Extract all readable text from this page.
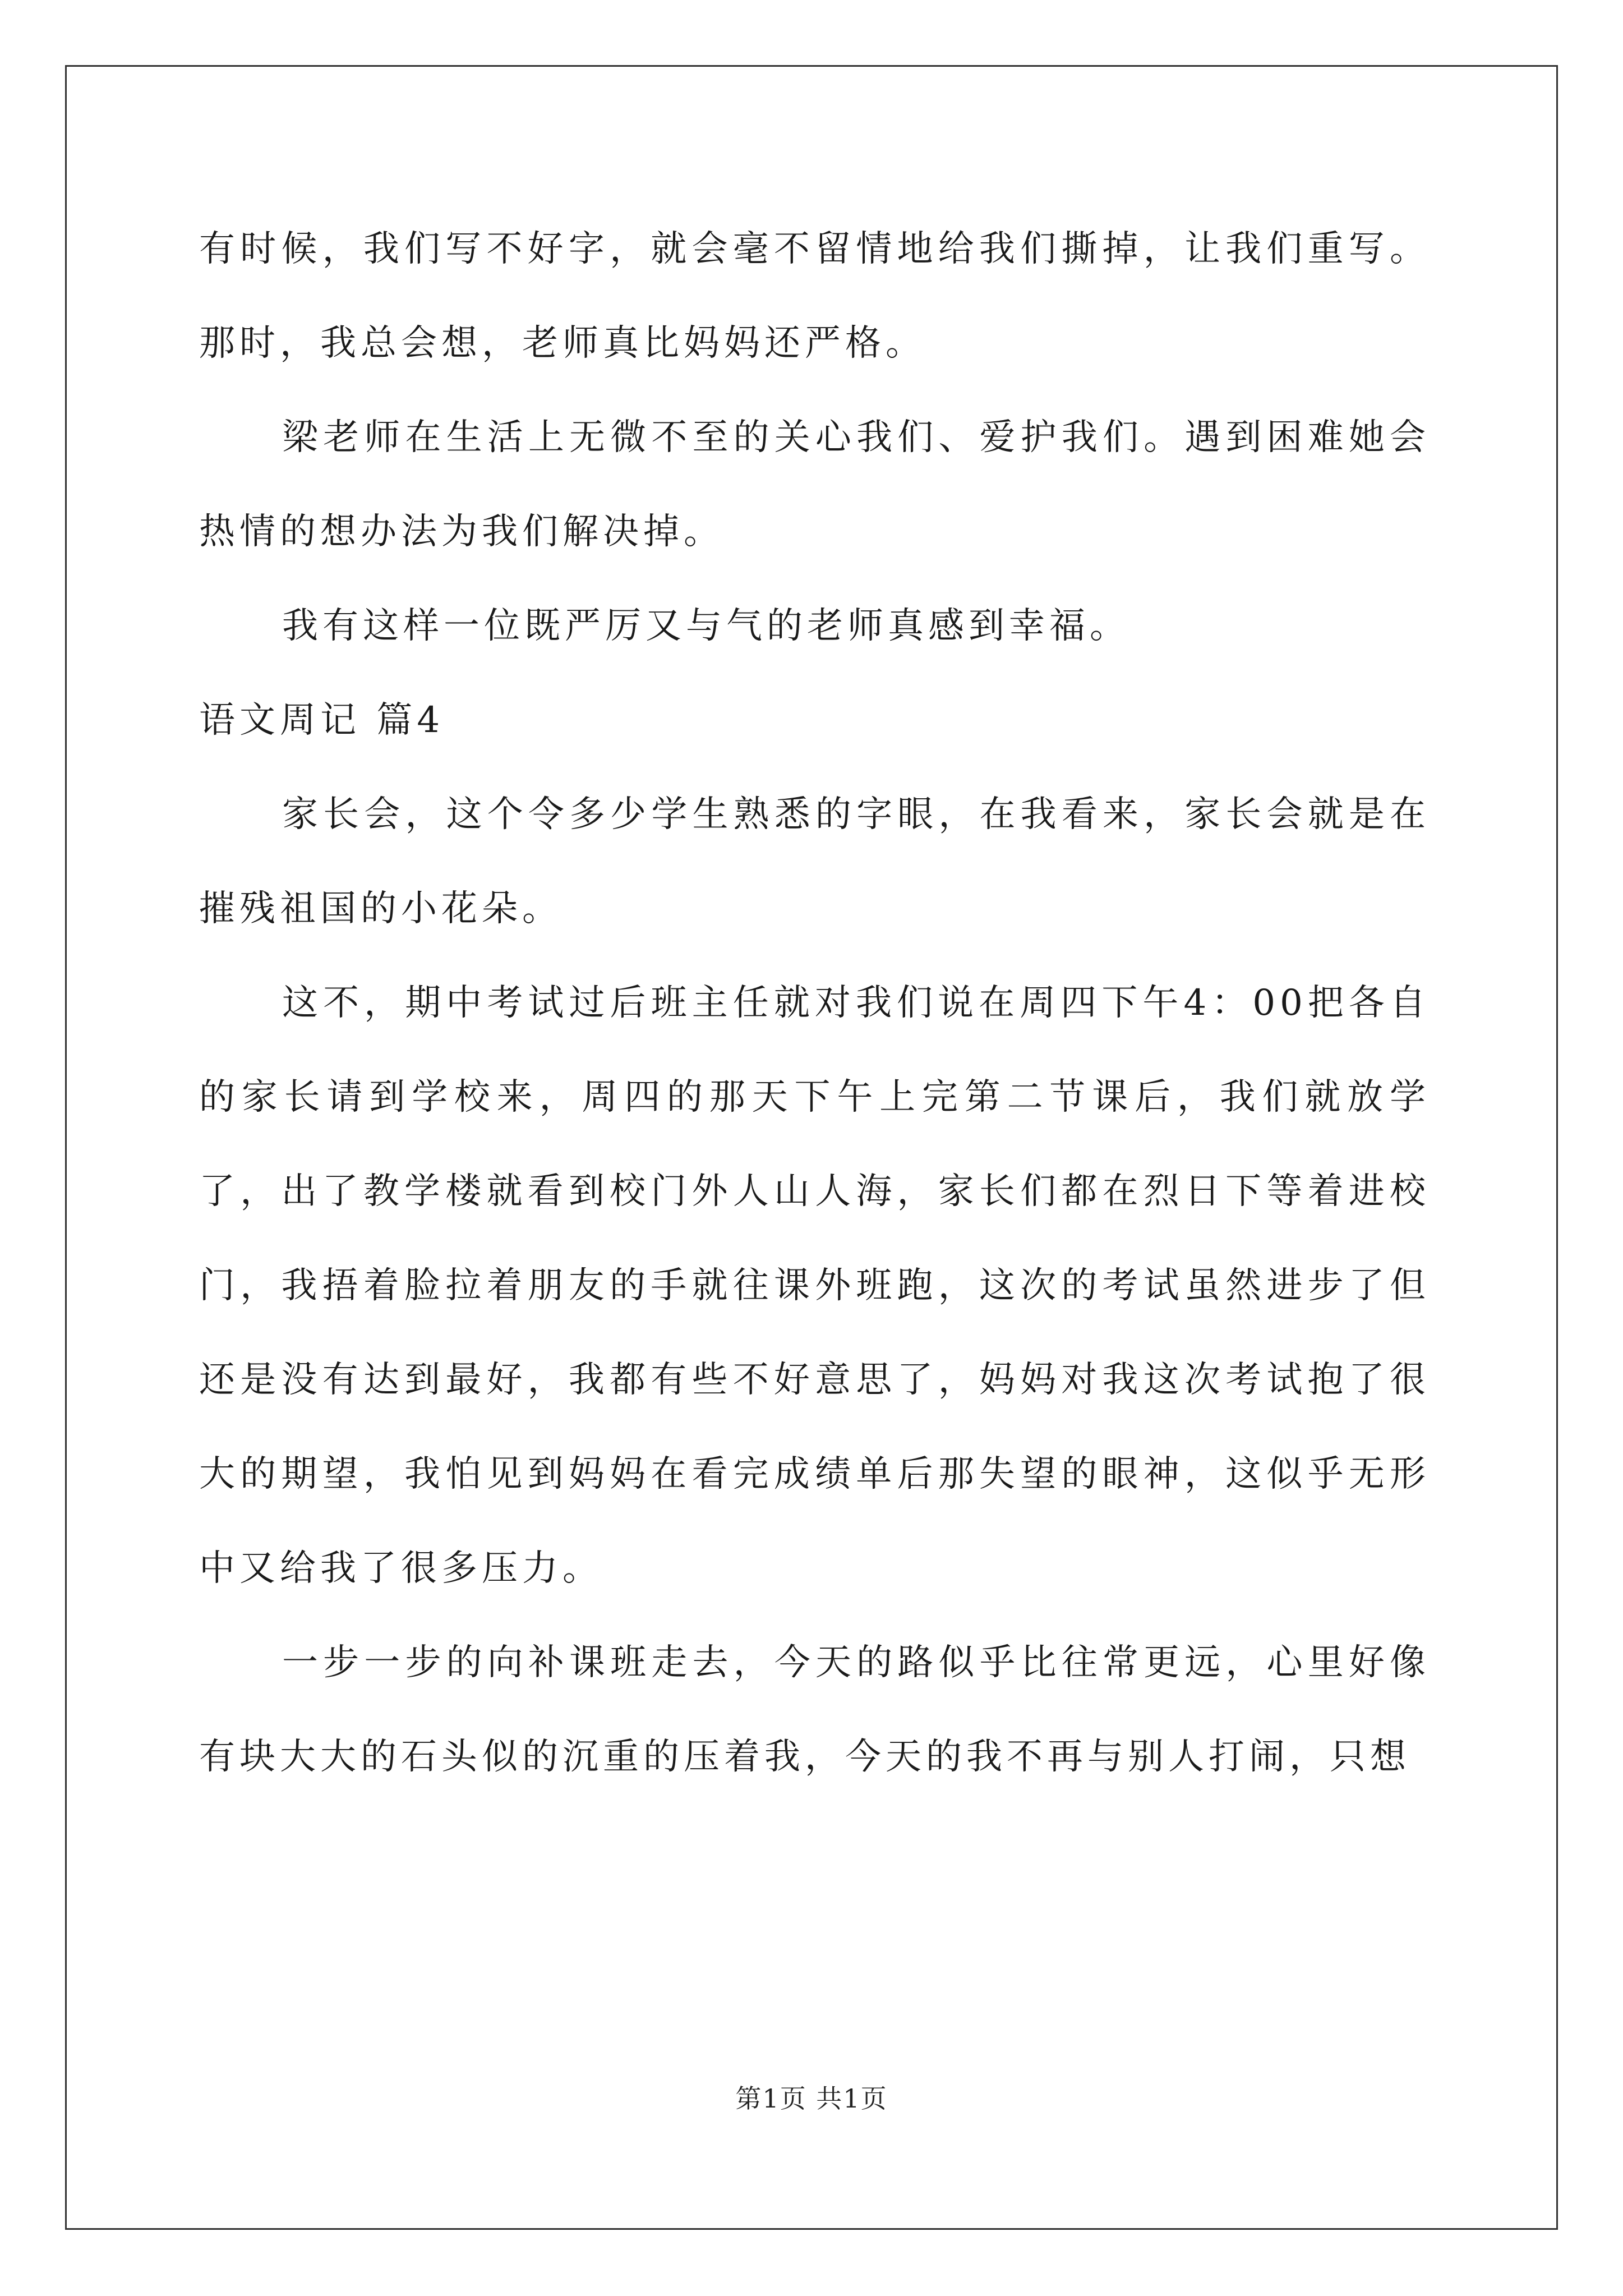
有时候，我们写不好字，就会毫不留情地给我们撕掉，让我们重写。那时，我总会想，老师真比妈妈还严格。

梁老师在生活上无微不至的关心我们、爱护我们。遇到困难她会热情的想办法为我们解决掉。

我有这样一位既严厉又与气的老师真感到幸福。

语文周记 篇4

家长会，这个令多少学生熟悉的字眼，在我看来，家长会就是在摧残祖国的小花朵。

这不，期中考试过后班主任就对我们说在周四下午4：00把各自的家长请到学校来，周四的那天下午上完第二节课后，我们就放学了，出了教学楼就看到校门外人山人海，家长们都在烈日下等着进校门，我捂着脸拉着朋友的手就往课外班跑，这次的考试虽然进步了但还是没有达到最好，我都有些不好意思了，妈妈对我这次考试抱了很大的期望，我怕见到妈妈在看完成绩单后那失望的眼神，这似乎无形中又给我了很多压力。

一步一步的向补课班走去，今天的路似乎比往常更远，心里好像有块大大的石头似的沉重的压着我，今天的我不再与别人打闹，只想

第1页 共1页
